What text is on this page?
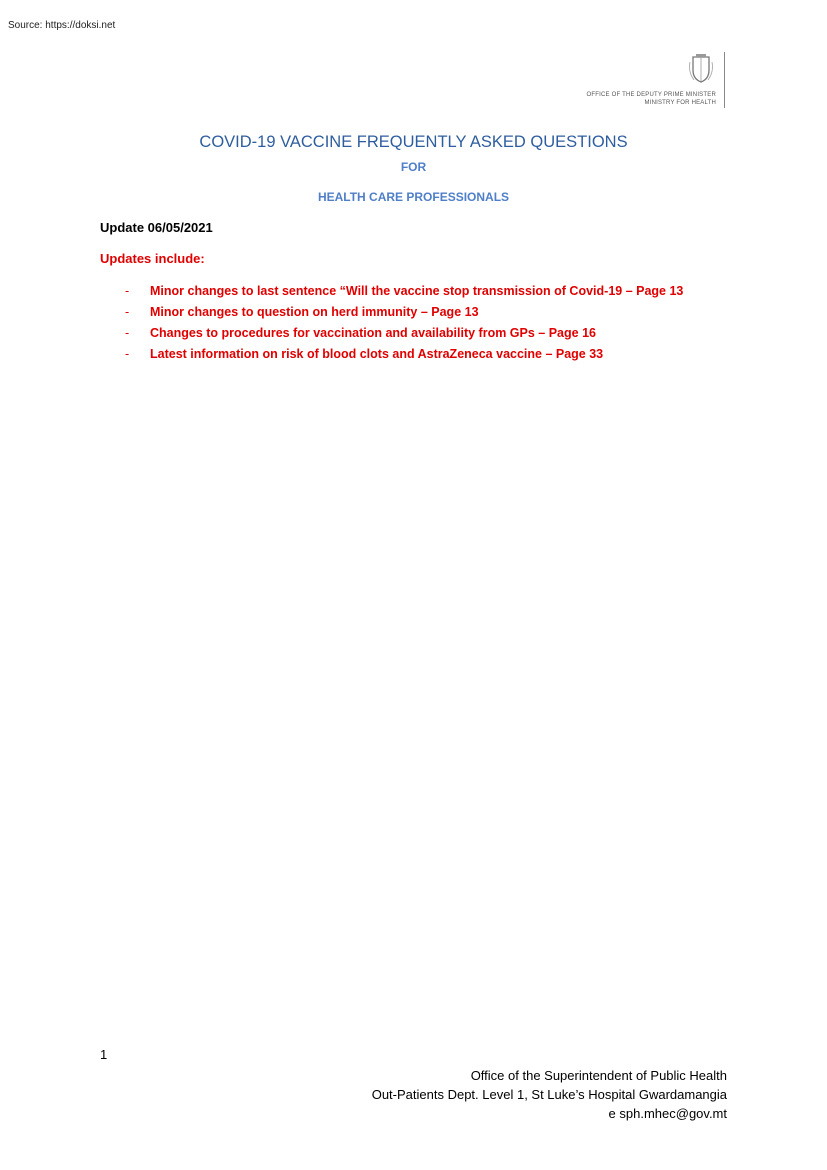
Source: https://doksi.net
OFFICE OF THE DEPUTY PRIME MINISTER
MINISTRY FOR HEALTH
COVID-19 VACCINE FREQUENTLY ASKED QUESTIONS
FOR
HEALTH CARE PROFESSIONALS
Update 06/05/2021
Updates include:
- Minor changes to last sentence “Will the vaccine stop transmission of Covid-19 – Page 13
- Minor changes to question on herd immunity – Page 13
- Changes to procedures for vaccination and availability from GPs – Page 16
- Latest information on risk of blood clots and AstraZeneca vaccine – Page 33
1
Office of the Superintendent of Public Health
Out-Patients Dept. Level 1, St Luke’s Hospital Gwardamangia
e sph.mhec@gov.mt
